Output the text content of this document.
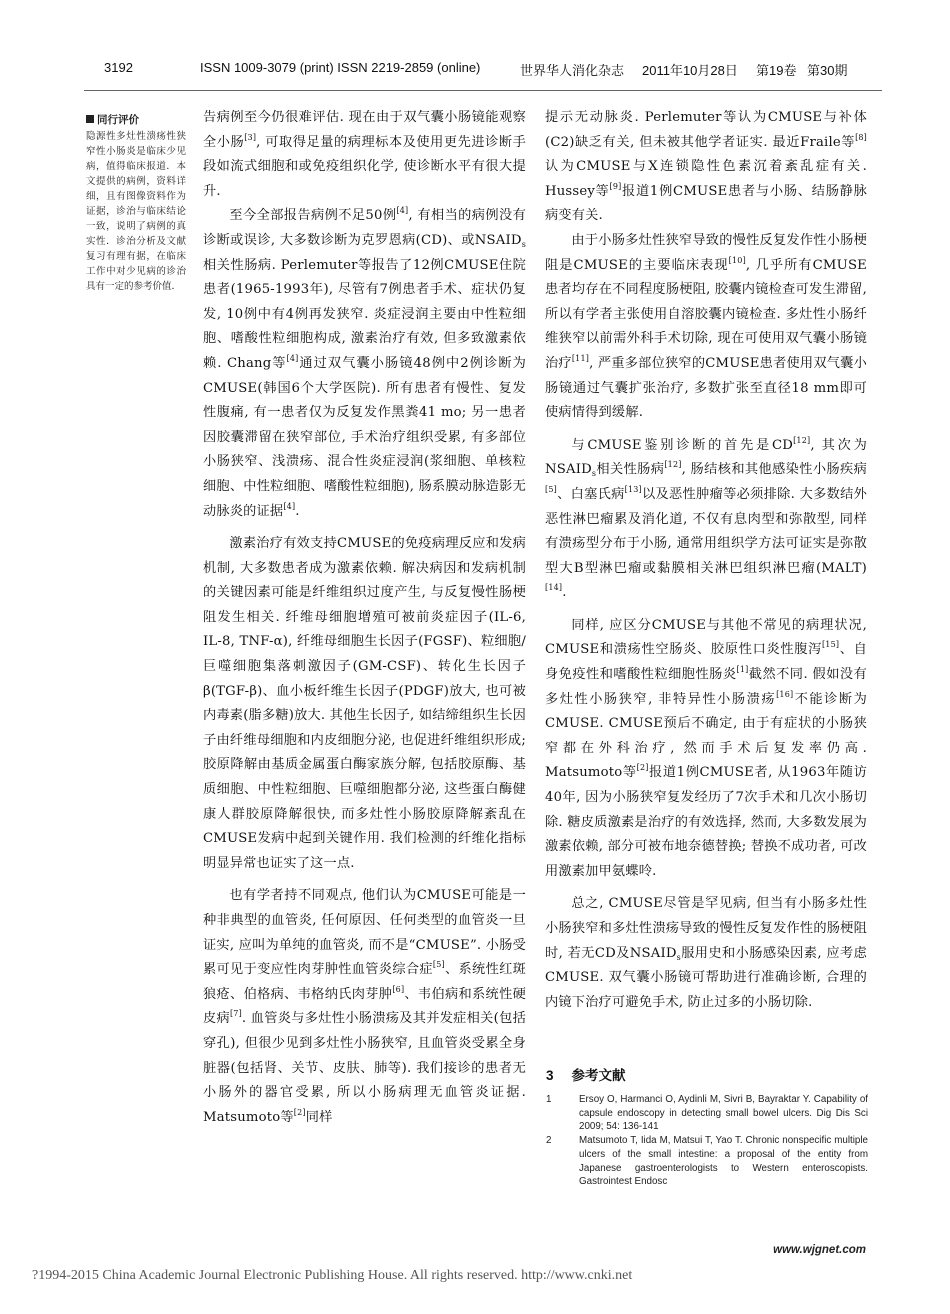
3192	ISSN 1009-3079 (print) ISSN 2219-2859 (online)	世界华人消化杂志 2011年10月28日 第19卷 第30期
同行评价
隐源性多灶性溃疡性狭窄性小肠炎是临床少见病，值得临床报道．本文提供的病例，资料详细，且有图像资料作为证据，诊治与临床结论一致，说明了病例的真实性．诊治分析及文献复习有理有据，在临床工作中对少见病的诊治具有一定的参考价值．

告病例至今仍很难评估. 现在由于双气囊小肠镜能观察全小肠[3], 可取得足量的病理标本及使用更先进诊断手段如流式细胞和或免疫组织化学, 使诊断水平有很大提升.

至今全部报告病例不足50例[4], 有相当的病例没有诊断或误诊, 大多数诊断为克罗恩病(CD)、或$NSAID_s$相关性肠病. Perlemuter等报告了12例CMUSE住院患者(1965-1993年), 尽管有7例患者手术、症状仍复发, 10例中有4例再发狭窄. 炎症浸润主要由中性粒细胞、嗜酸性粒细胞构成, 激素治疗有效, 但多致激素依赖. Chang等[4]通过双气囊小肠镜48例中2例诊断为CMUSE(韩国6个大学医院). 所有患者有慢性、复发性腹痛, 有一患者仅为反复发作黑粪41 mo; 另一患者因胶囊滞留在狭窄部位, 手术治疗组织受累, 有多部位小肠狭窄、浅溃疡、混合性炎症浸润(浆细胞、单核粒细胞、中性粒细胞、嗜酸性粒细胞), 肠系膜动脉造影无动脉炎的证据[4].

激素治疗有效支持CMUSE的免疫病理反应和发病机制, 大多数患者成为激素依赖. 解决病因和发病机制的关键因素可能是纤维组织过度产生, 与反复慢性肠梗阻发生相关. 纤维母细胞增殖可被前炎症因子(IL-6, IL-8, TNF-α), 纤维母细胞生长因子(FGSF)、粒细胞/巨噬细胞集落刺激因子(GM-CSF)、转化生长因子β(TGF-β)、血小板纤维生长因子(PDGF)放大, 也可被内毒素(脂多糖)放大. 其他生长因子, 如结缔组织生长因子由纤维母细胞和内皮细胞分泌, 也促进纤维组织形成; 胶原降解由基质金属蛋白酶家族分解, 包括胶原酶、基质细胞、中性粒细胞、巨噬细胞都分泌, 这些蛋白酶健康人群胶原降解很快, 而多灶性小肠胶原降解紊乱在CMUSE发病中起到关键作用. 我们检测的纤维化指标明显异常也证实了这一点.

也有学者持不同观点, 他们认为CMUSE可能是一种非典型的血管炎, 任何原因、任何类型的血管炎一旦证实, 应叫为单纯的血管炎, 而不是“CMUSE”. 小肠受累可见于变应性肉芽肿性血管炎综合症[5]、系统性红斑狼疮、伯格病、韦格纳氏肉芽肿[6]、韦伯病和系统性硬皮病[7]. 血管炎与多灶性小肠溃疡及其并发症相关(包括穿孔), 但很少见到多灶性小肠狭窄, 且血管炎受累全身脏器(包括肾、关节、皮肤、肺等). 我们接诊的患者无小肠外的器官受累, 所以小肠病理无血管炎证据. Matsumoto等[2]同样

提示无动脉炎. Perlemuter等认为CMUSE与补体(C2)缺乏有关, 但未被其他学者证实. 最近Fraile等[8]认为CMUSE与X连锁隐性色素沉着紊乱症有关. Hussey等[9]报道1例CMUSE患者与小肠、结肠静脉病变有关.

由于小肠多灶性狭窄导致的慢性反复发作性小肠梗阻是CMUSE的主要临床表现[10], 几乎所有CMUSE患者均存在不同程度肠梗阻, 胶囊内镜检查可发生滞留, 所以有学者主张使用自溶胶囊内镜检查. 多灶性小肠纤维狭窄以前需外科手术切除, 现在可使用双气囊小肠镜治疗[11], 严重多部位狭窄的CMUSE患者使用双气囊小肠镜通过气囊扩张治疗, 多数扩张至直径18 mm即可使病情得到缓解.

与CMUSE鉴别诊断的首先是CD[12], 其次为$NSAID_s$相关性肠病[12], 肠结核和其他感染性小肠疾病[5]、白塞氏病[13]以及恶性肿瘤等必须排除. 大多数结外恶性淋巴瘤累及消化道, 不仅有息肉型和弥散型, 同样有溃疡型分布于小肠, 通常用组织学方法可证实是弥散型大B型淋巴瘤或黏膜相关淋巴组织淋巴瘤(MALT)[14].

同样, 应区分CMUSE与其他不常见的病理状况, CMUSE和溃疡性空肠炎、胶原性口炎性腹泻[15]、自身免疫性和嗜酸性粒细胞性肠炎[1]截然不同. 假如没有多灶性小肠狭窄, 非特异性小肠溃疡[16]不能诊断为CMUSE. CMUSE预后不确定, 由于有症状的小肠狭窄都在外科治疗, 然而手术后复发率仍高. Matsumoto等[2]报道1例CMUSE者, 从1963年随访40年, 因为小肠狭窄复发经历了7次手术和几次小肠切除. 糖皮质激素是治疗的有效选择, 然而, 大多数发展为激素依赖, 部分可被布地奈德替换; 替换不成功者, 可改用激素加甲氨蝶呤.

总之, CMUSE尽管是罕见病, 但当有小肠多灶性小肠狭窄和多灶性溃疡导致的慢性反复发作性的肠梗阻时, 若无CD及$NSAID_s$服用史和小肠感染因素, 应考虑CMUSE. 双气囊小肠镜可帮助进行准确诊断, 合理的内镜下治疗可避免手术, 防止过多的小肠切除.

3 参考文献
1	Ersoy O, Harmanci O, Aydinli M, Sivri B, Bayraktar Y. Capability of capsule endoscopy in detecting small bowel ulcers. Dig Dis Sci 2009; 54: 136-141
2	Matsumoto T, Iida M, Matsui T, Yao T. Chronic nonspecific multiple ulcers of the small intestine: a proposal of the entity from Japanese gastroenterologists to Western enteroscopists. Gastrointest Endosc
www.wjgnet.com
?1994-2015 China Academic Journal Electronic Publishing House. All rights reserved. http://www.cnki.net
